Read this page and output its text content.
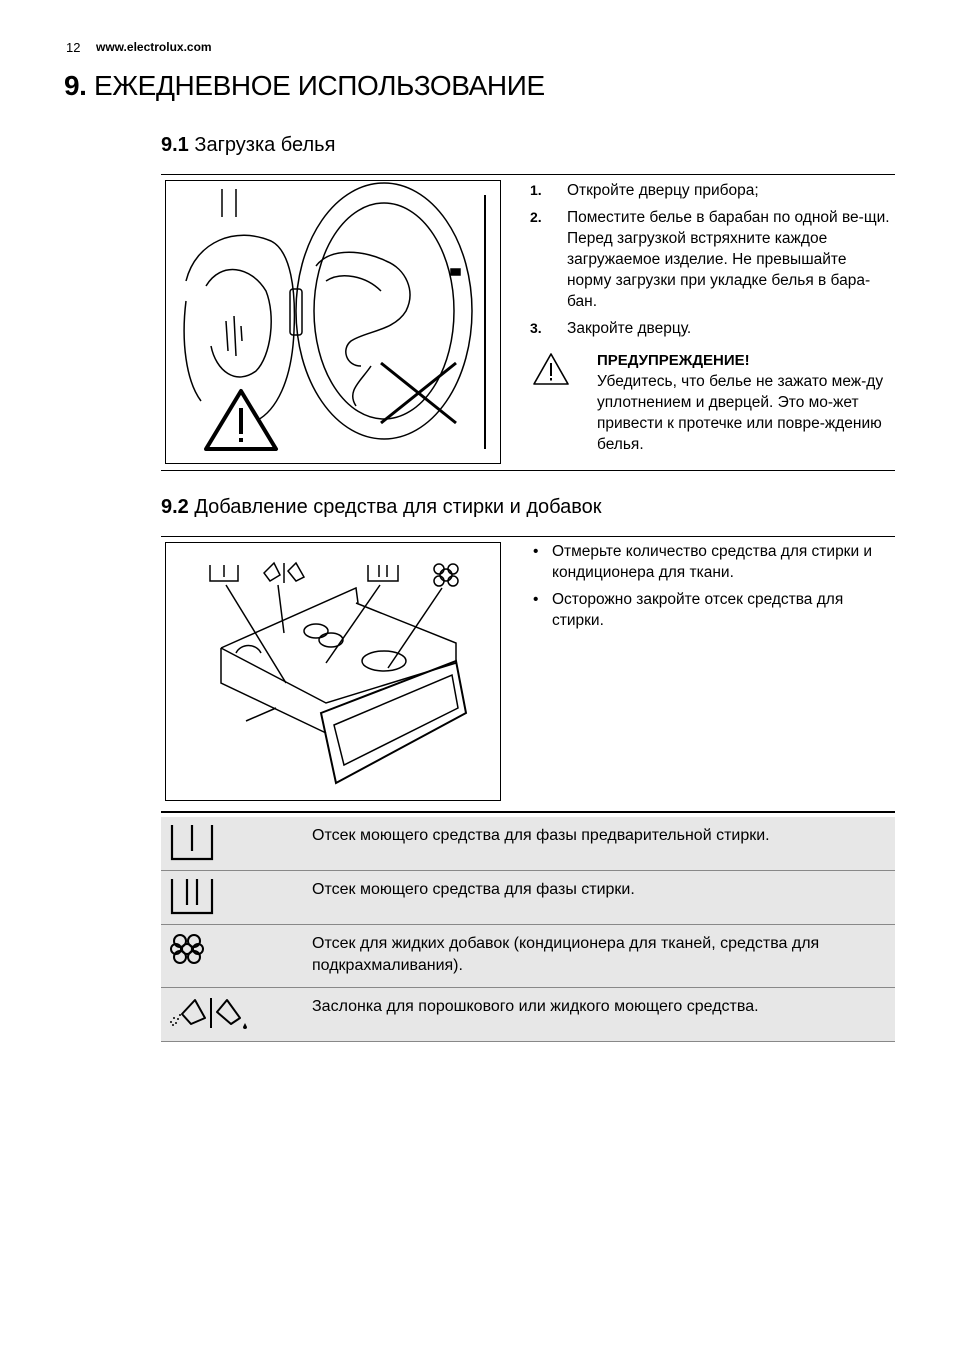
12 www.electrolux.com
9. ЕЖЕДНЕВНОЕ ИСПОЛЬЗОВАНИЕ
9.1 Загрузка белья
1. Откройте дверцу прибора;
2. Поместите белье в барабан по одной ве-щи. Перед загрузкой встряхните каждое загружаемое изделие. Не превышайте норму загрузки при укладке белья в бара-бан.
3. Закройте дверцу.
ПРЕДУПРЕЖДЕНИЕ!
Убедитесь, что белье не зажато меж-ду уплотнением и дверцей. Это мо-жет привести к протечке или повре-ждению белья.
9.2 Добавление средства для стирки и добавок
• Отмерьте количество средства для стирки и кондиционера для ткани.
• Осторожно закройте отсек средства для стирки.
	Отсек моющего средства для фазы предварительной стирки.
	Отсек моющего средства для фазы стирки.
	Отсек для жидких добавок (кондиционера для тканей, средства для подкрахмаливания).
	Заслонка для порошкового или жидкого моющего средства.
